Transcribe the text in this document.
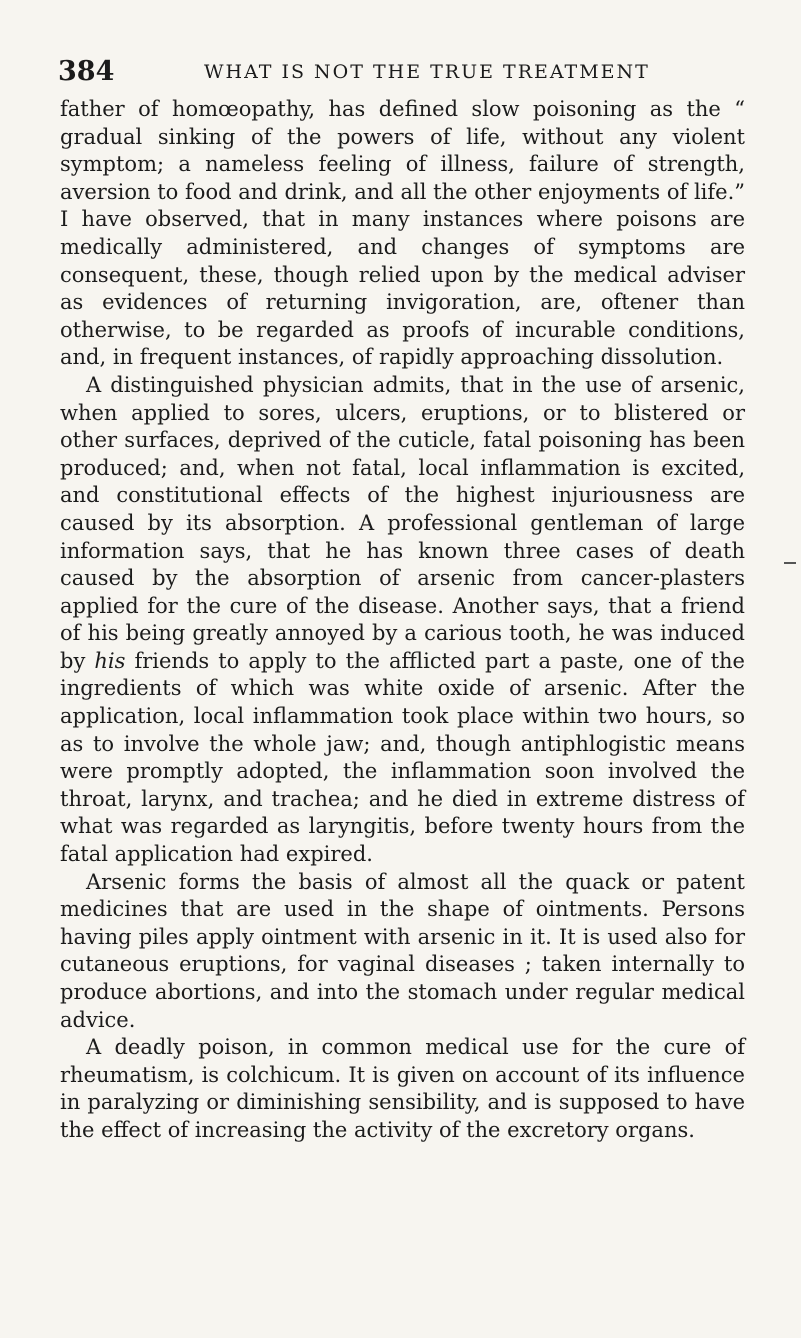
384	WHAT IS NOT THE TRUE TREATMENT

father of homœopathy, has defined slow poisoning as the “ gradual sinking of the powers of life, without any violent symptom; a nameless feeling of illness, failure of strength, aversion to food and drink, and all the other enjoyments of life.” I have observed, that in many instances where poisons are medically administered, and changes of symptoms are consequent, these, though relied upon by the medical adviser as evidences of returning invigoration, are, oftener than otherwise, to be regarded as proofs of incurable conditions, and, in frequent instances, of rapidly approaching dissolution.

A distinguished physician admits, that in the use of arsenic, when applied to sores, ulcers, eruptions, or to blistered or other surfaces, deprived of the cuticle, fatal poisoning has been produced; and, when not fatal, local inflammation is excited, and constitutional effects of the highest injuriousness are caused by its absorption. A professional gentleman of large information says, that he has known three cases of death caused by the absorption of arsenic from cancer-plasters applied for the cure of the disease. Another says, that a friend of his being greatly annoyed by a carious tooth, he was induced by his friends to apply to the afflicted part a paste, one of the ingredients of which was white oxide of arsenic. After the application, local inflammation took place within two hours, so as to involve the whole jaw; and, though antiphlogistic means were promptly adopted, the inflammation soon involved the throat, larynx, and trachea; and he died in extreme distress of what was regarded as laryngitis, before twenty hours from the fatal application had expired.

Arsenic forms the basis of almost all the quack or patent medicines that are used in the shape of ointments. Persons having piles apply ointment with arsenic in it. It is used also for cutaneous eruptions, for vaginal diseases ; taken internally to produce abortions, and into the stomach under regular medical advice.

A deadly poison, in common medical use for the cure of rheumatism, is colchicum. It is given on account of its influence in paralyzing or diminishing sensibility, and is supposed to have the effect of increasing the activity of the excretory organs.
